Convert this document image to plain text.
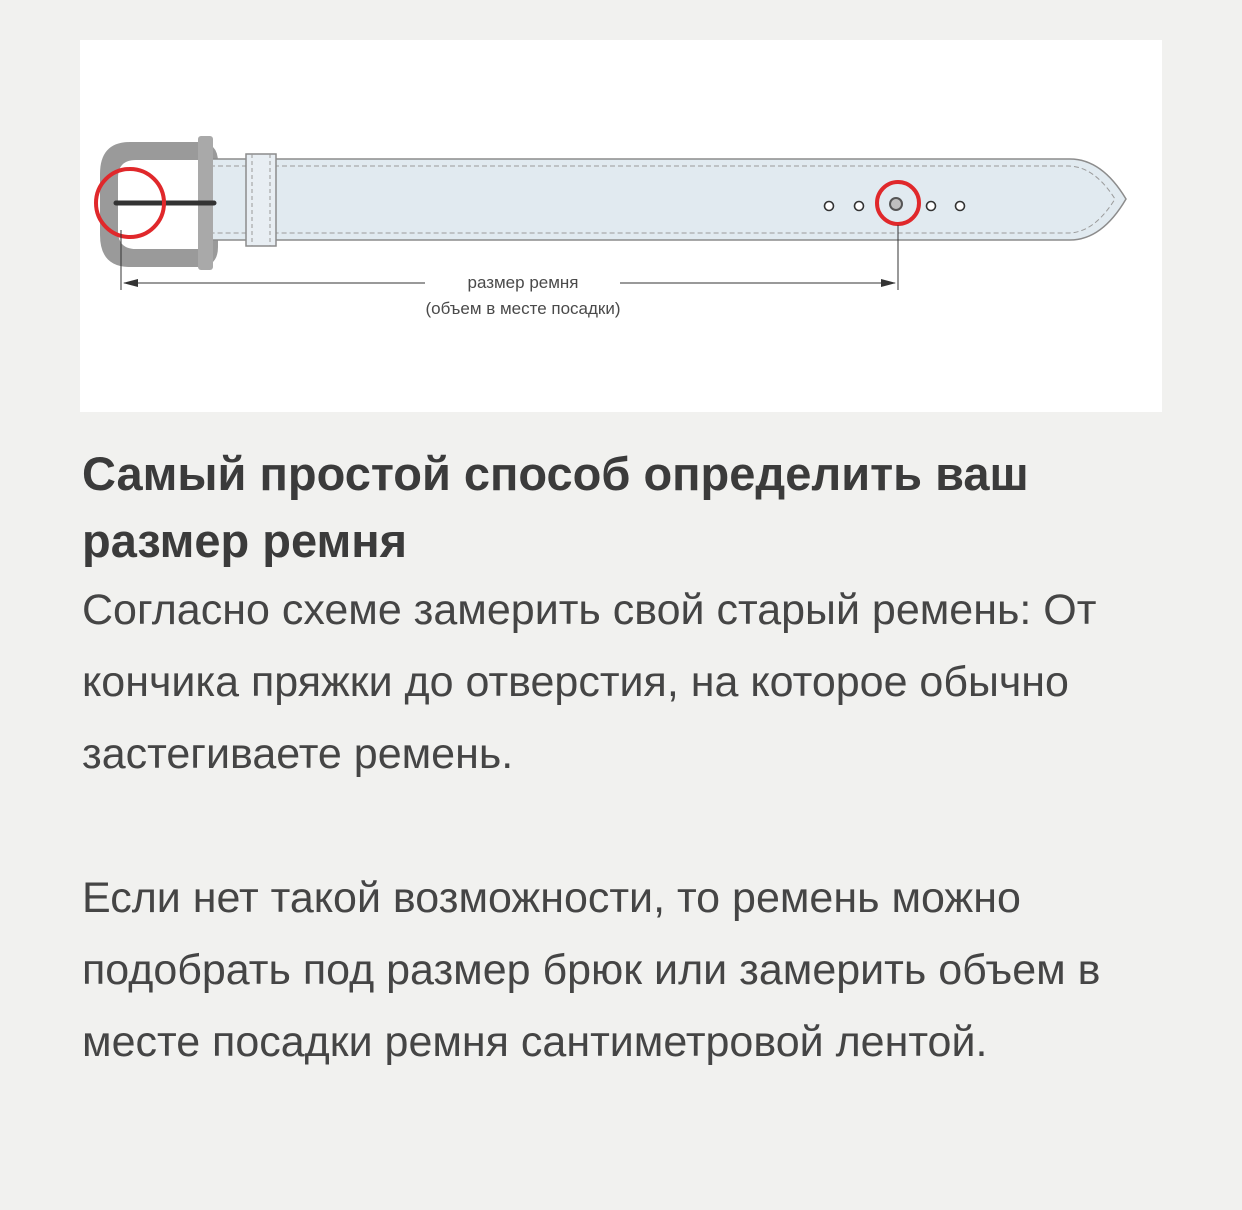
размер ремня
(объем в месте посадки)
Самый простой способ определить ваш размер ремня

Согласно схеме замерить свой старый ремень: От кончика пряжки до отверстия, на которое обычно застегиваете ремень.

Если нет такой возможности, то ремень можно подобрать под размер брюк или замерить объем в месте посадки ремня сантиметровой лентой.
